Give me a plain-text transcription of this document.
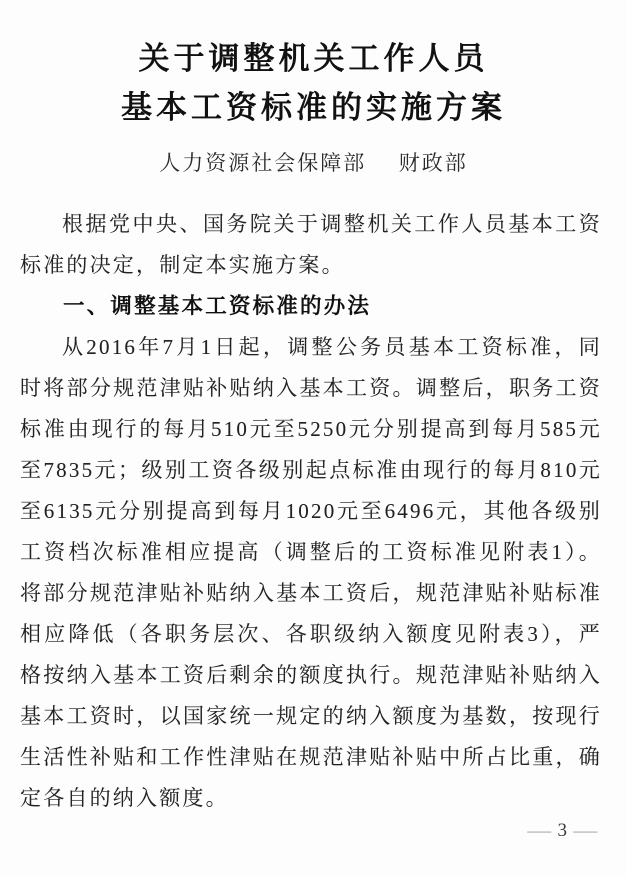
关于调整机关工作人员
基本工资标准的实施方案
人力资源社会保障部 财政部

根据党中央、国务院关于调整机关工作人员基本工资标准的决定，制定本实施方案。

一、调整基本工资标准的办法

从2016年7月1日起，调整公务员基本工资标准，同时将部分规范津贴补贴纳入基本工资。调整后，职务工资标准由现行的每月510元至5250元分别提高到每月585元至7835元；级别工资各级别起点标准由现行的每月810元至6135元分别提高到每月1020元至6496元，其他各级别工资档次标准相应提高（调整后的工资标准见附表1）。将部分规范津贴补贴纳入基本工资后，规范津贴补贴标准相应降低（各职务层次、各职级纳入额度见附表3），严格按纳入基本工资后剩余的额度执行。规范津贴补贴纳入基本工资时，以国家统一规定的纳入额度为基数，按现行生活性补贴和工作性津贴在规范津贴补贴中所占比重，确定各自的纳入额度。

— 3 —
